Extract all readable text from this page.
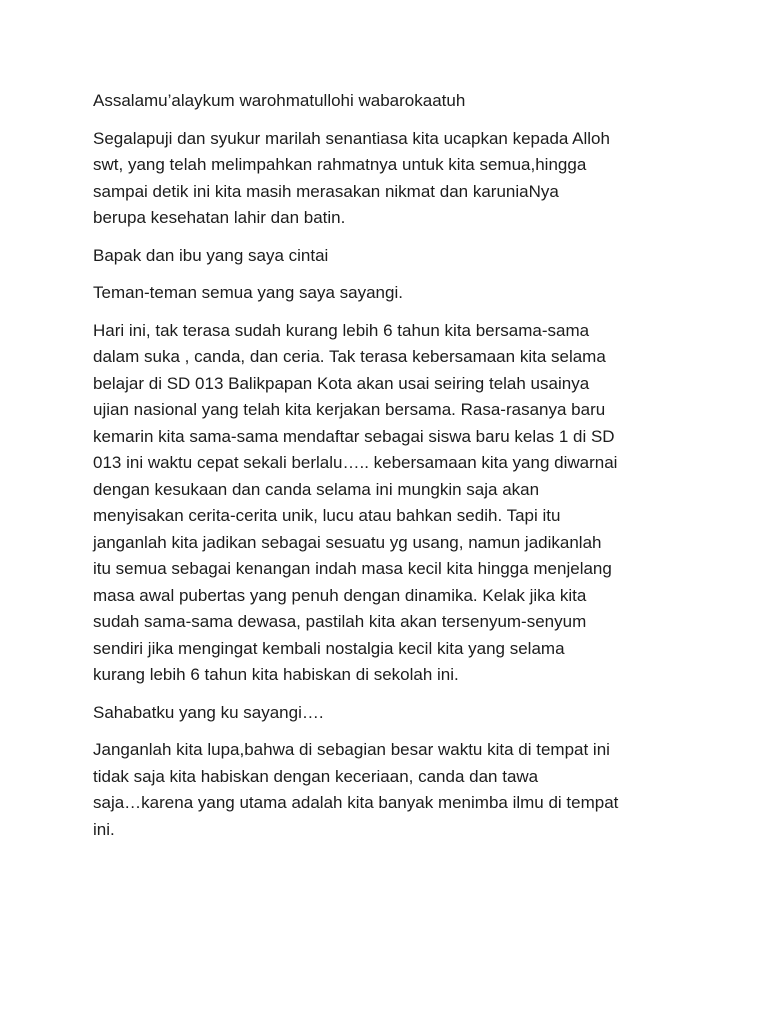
Assalamu’alaykum warohmatullohi wabarokaatuh

Segalapuji dan syukur marilah senantiasa kita ucapkan kepada Alloh
swt, yang telah melimpahkan rahmatnya untuk kita semua,hingga
sampai detik ini kita masih merasakan nikmat dan karuniaNya
berupa kesehatan lahir dan batin.

Bapak dan ibu yang saya cintai

Teman-teman semua yang saya sayangi.

Hari ini, tak terasa sudah kurang lebih 6 tahun kita bersama-sama
dalam suka , canda, dan ceria. Tak terasa kebersamaan kita selama
belajar di SD 013 Balikpapan Kota akan usai seiring telah usainya
ujian nasional yang telah kita kerjakan bersama. Rasa-rasanya baru
kemarin kita sama-sama mendaftar sebagai siswa baru kelas 1 di SD
013 ini waktu cepat sekali berlalu….. kebersamaan kita yang diwarnai
dengan kesukaan dan canda selama ini mungkin saja akan
menyisakan cerita-cerita unik, lucu atau bahkan sedih. Tapi itu
janganlah kita jadikan sebagai sesuatu yg usang, namun jadikanlah
itu semua sebagai kenangan indah masa kecil kita hingga menjelang
masa awal pubertas yang penuh dengan dinamika. Kelak jika kita
sudah sama-sama dewasa, pastilah kita akan tersenyum-senyum
sendiri jika mengingat kembali nostalgia kecil kita yang selama
kurang lebih 6 tahun kita habiskan di sekolah ini.

Sahabatku yang ku sayangi….

Janganlah kita lupa,bahwa di sebagian besar waktu kita di tempat ini
tidak saja kita habiskan dengan keceriaan, canda dan tawa
saja…karena yang utama adalah kita banyak menimba ilmu di tempat
ini.
